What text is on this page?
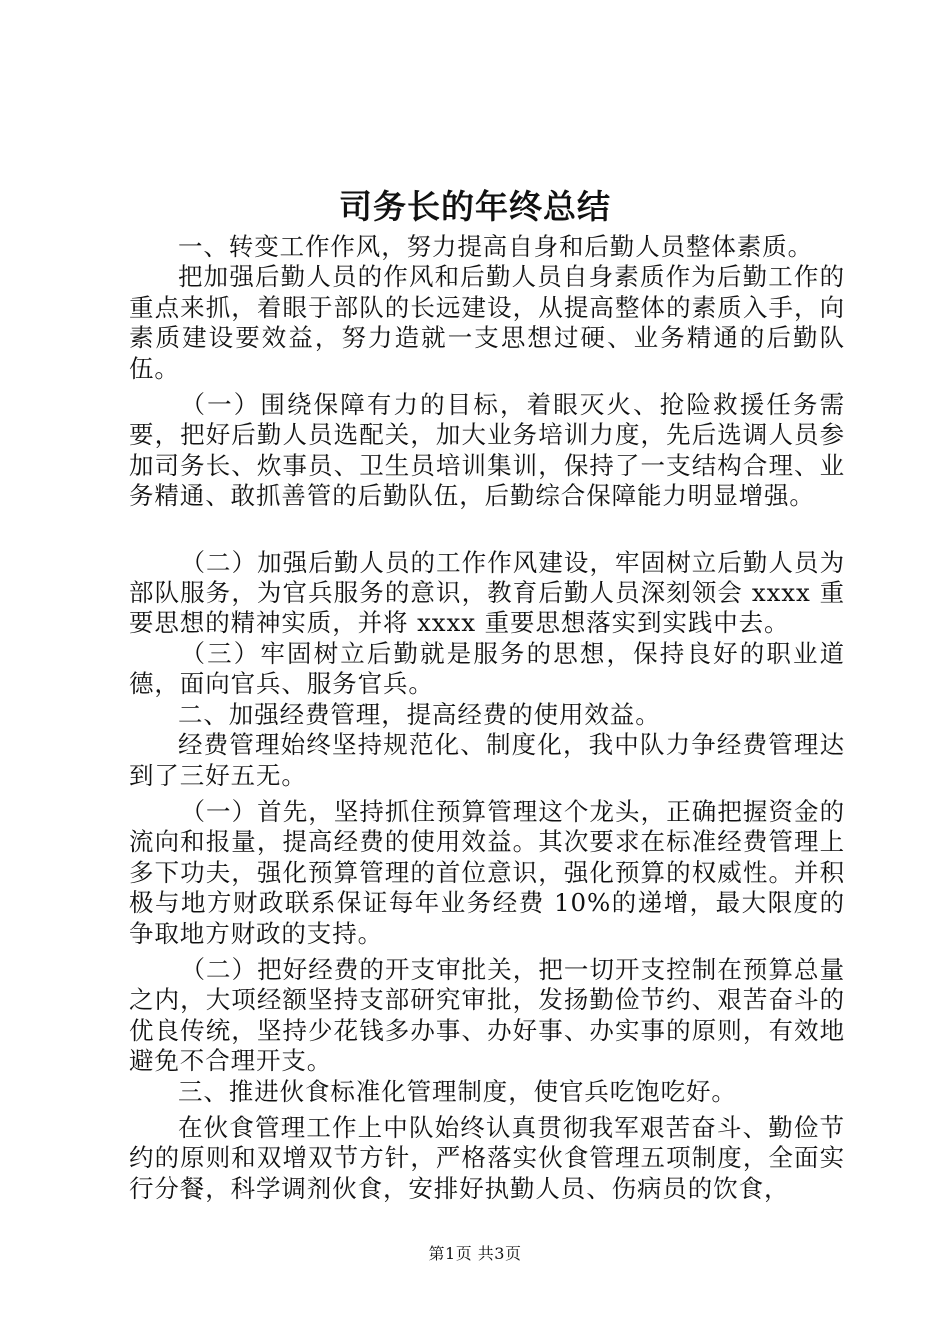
司务长的年终总结

一、转变工作作风，努力提高自身和后勤人员整体素质。

把加强后勤人员的作风和后勤人员自身素质作为后勤工作的重点来抓，着眼于部队的长远建设，从提高整体的素质入手，向素质建设要效益，努力造就一支思想过硬、业务精通的后勤队伍。

（一）围绕保障有力的目标，着眼灭火、抢险救援任务需要，把好后勤人员选配关，加大业务培训力度，先后选调人员参加司务长、炊事员、卫生员培训集训，保持了一支结构合理、业务精通、敢抓善管的后勤队伍，后勤综合保障能力明显增强。

（二）加强后勤人员的工作作风建设，牢固树立后勤人员为部队服务，为官兵服务的意识，教育后勤人员深刻领会 xxxx 重要思想的精神实质，并将 xxxx 重要思想落实到实践中去。

（三）牢固树立后勤就是服务的思想，保持良好的职业道德，面向官兵、服务官兵。

二、加强经费管理，提高经费的使用效益。

经费管理始终坚持规范化、制度化，我中队力争经费管理达到了三好五无。

（一）首先，坚持抓住预算管理这个龙头，正确把握资金的流向和报量，提高经费的使用效益。其次要求在标准经费管理上多下功夫，强化预算管理的首位意识，强化预算的权威性。并积极与地方财政联系保证每年业务经费 10%的递增，最大限度的争取地方财政的支持。

（二）把好经费的开支审批关，把一切开支控制在预算总量之内，大项经额坚持支部研究审批，发扬勤俭节约、艰苦奋斗的优良传统，坚持少花钱多办事、办好事、办实事的原则，有效地避免不合理开支。

三、推进伙食标准化管理制度，使官兵吃饱吃好。

在伙食管理工作上中队始终认真贯彻我军艰苦奋斗、勤俭节约的原则和双增双节方针，严格落实伙食管理五项制度，全面实行分餐，科学调剂伙食，安排好执勤人员、伤病员的饮食，

第1页 共3页
